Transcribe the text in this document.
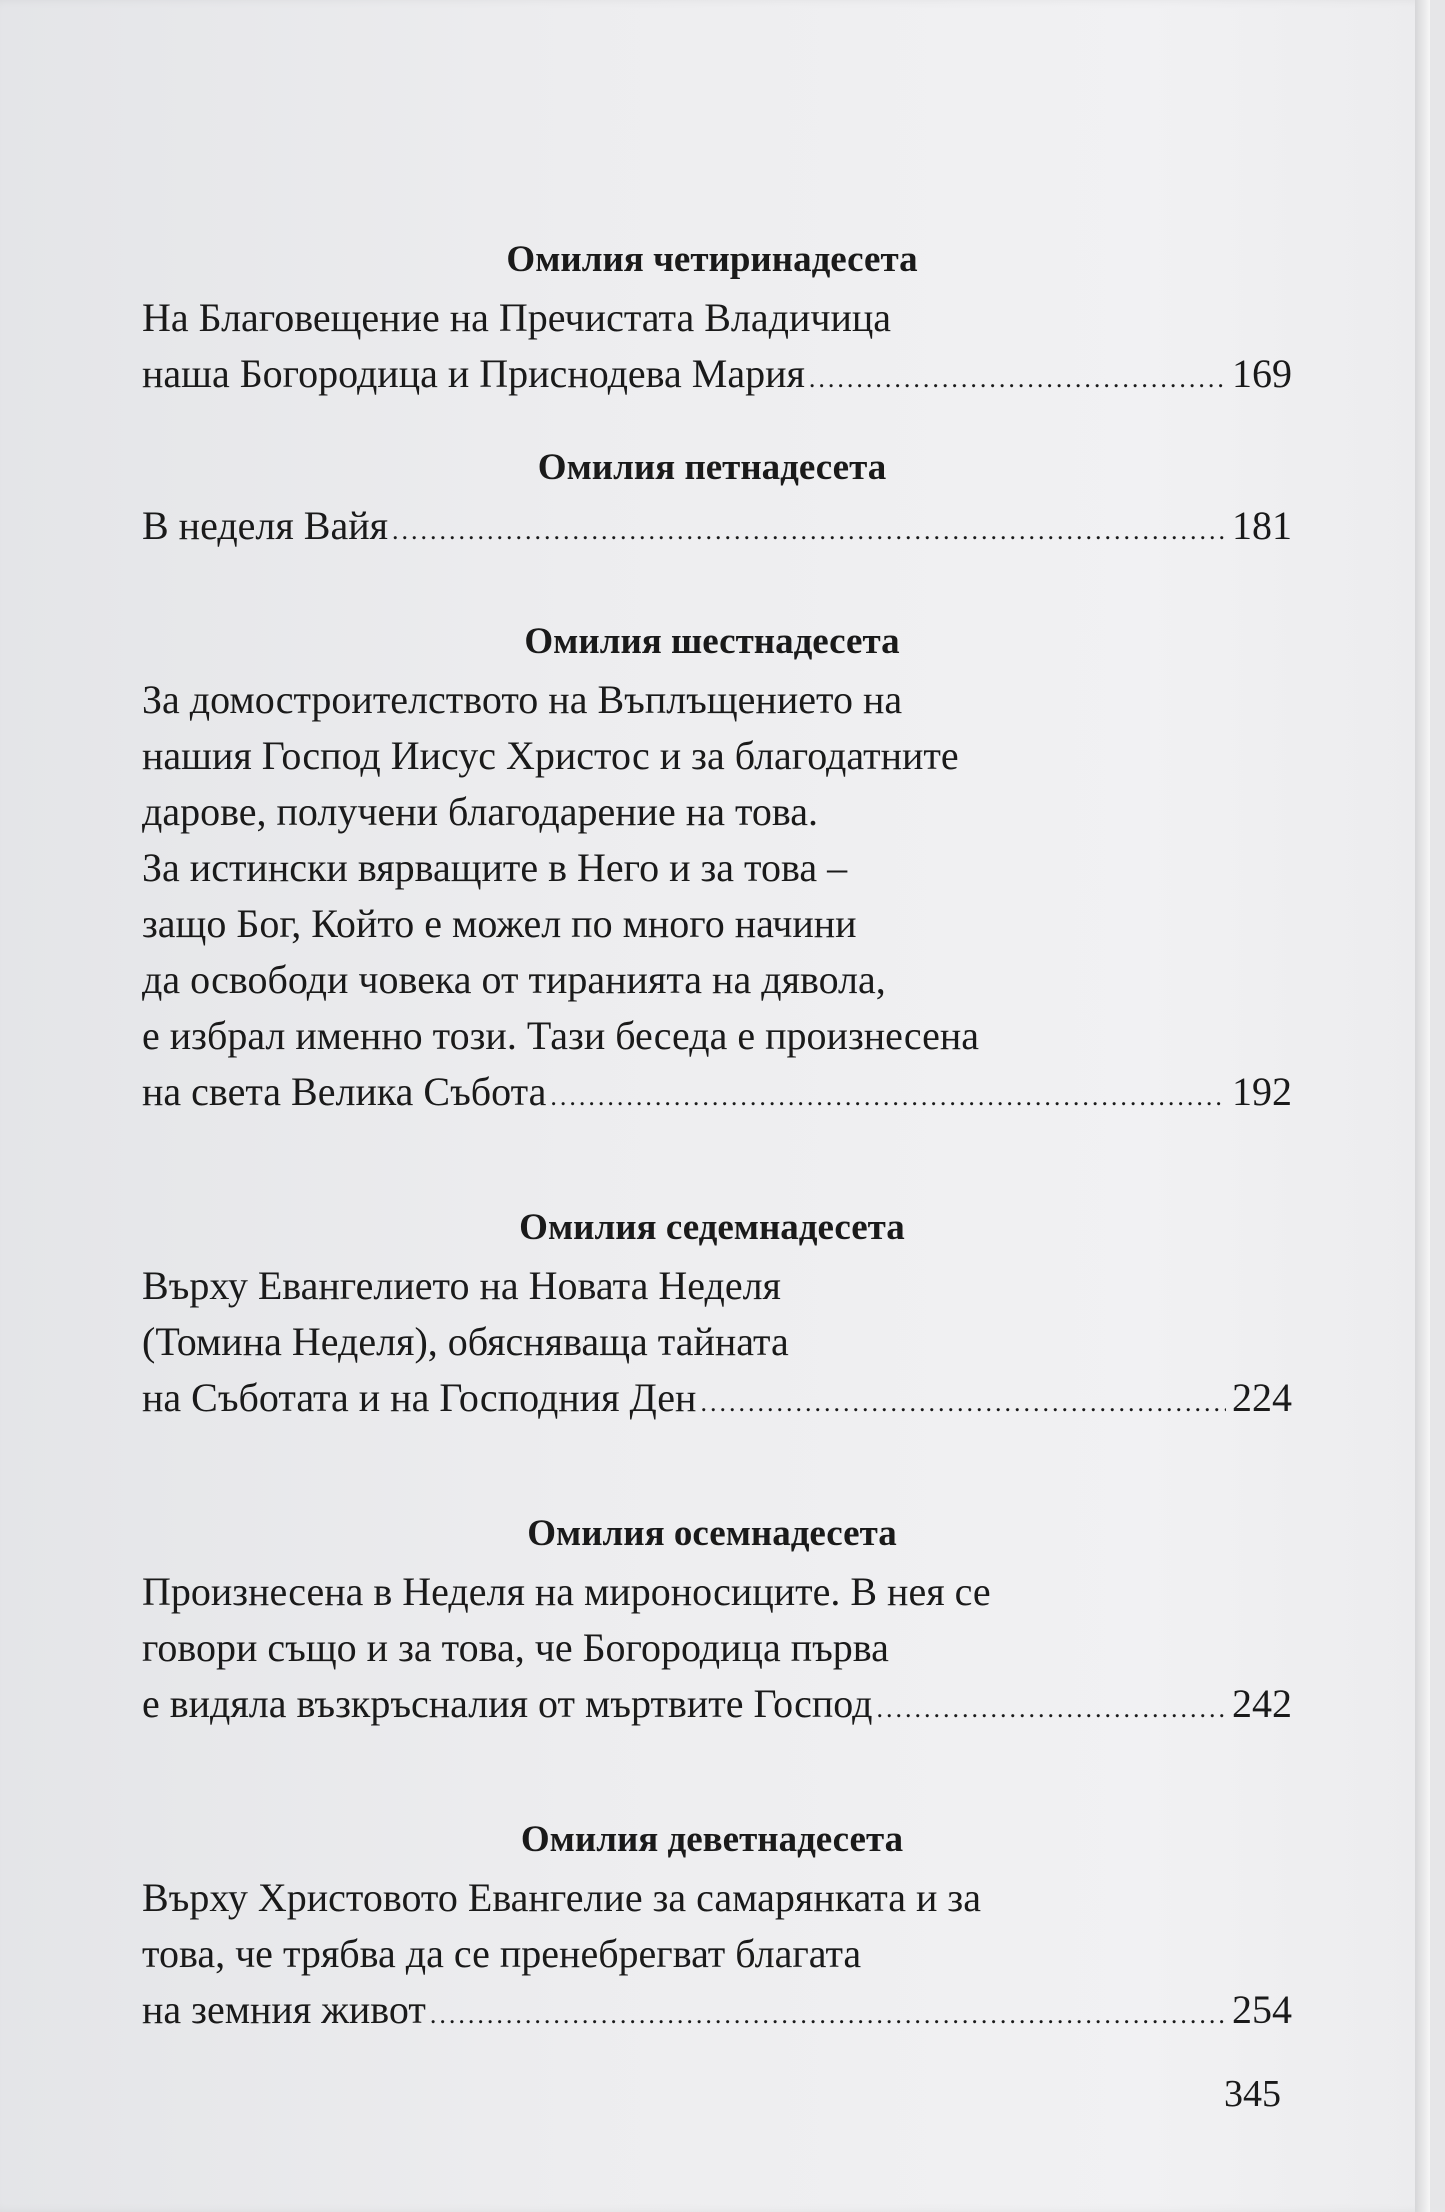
Омилия четиринадесета
На Благовещение на Пречистата Владичица
наша Богородица и Приснодева Мария .....	169
Омилия петнадесета
В неделя Вайя .....	181
Омилия шестнадесета
За домостроителството на Въплъщението на
нашия Господ Иисус Христос и за благодатните
дарове, получени благодарение на това.
За истински вярващите в Него и за това –
защо Бог, Който е можел по много начини
да освободи човека от тиранията на дявола,
е избрал именно този. Тази беседа е произнесена
на света Велика Събота .....	192
Омилия седемнадесета
Върху Евангелието на Новата Неделя
(Томина Неделя), обясняваща тайната
на Съботата и на Господния Ден .....	224
Омилия осемнадесета
Произнесена в Неделя на мироносиците. В нея се
говори също и за това, че Богородица първа
е видяла възкръсналия от мъртвите Господ .....	242
Омилия деветнадесета
Върху Христовото Евангелие за самарянката и за
това, че трябва да се пренебрегват благата
на земния живот .....	254
345
